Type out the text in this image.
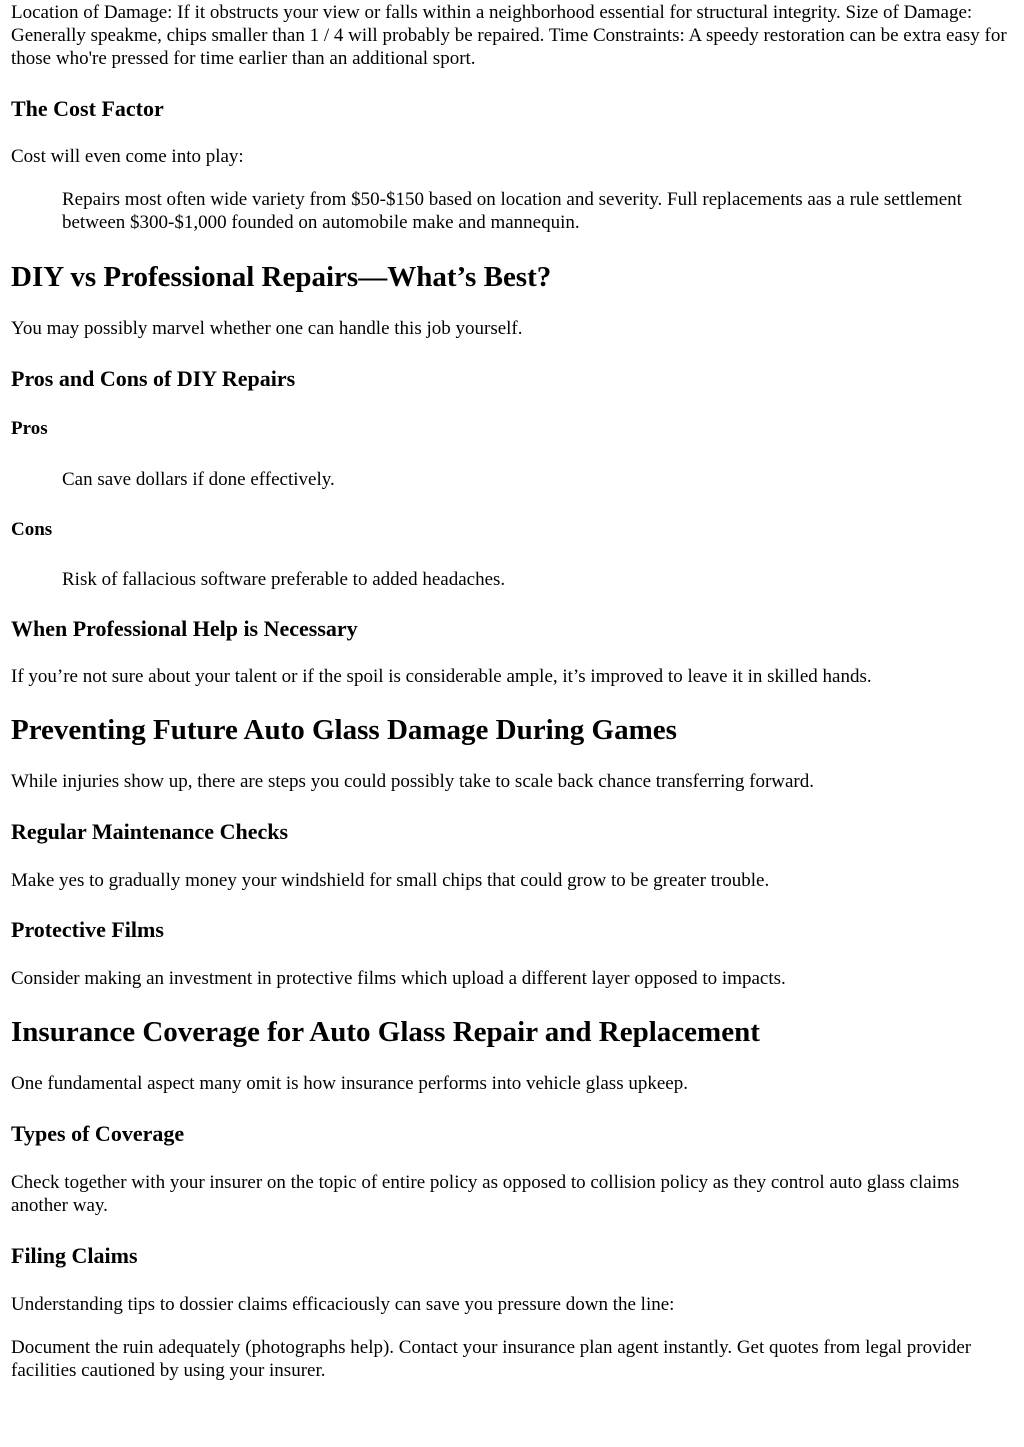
Location of Damage: If it obstructs your view or falls within a neighborhood essential for structural integrity. Size of Damage: Generally speakme, chips smaller than 1 / 4 will probably be repaired. Time Constraints: A speedy restoration can be extra easy for those who're pressed for time earlier than an additional sport.

The Cost Factor

Cost will even come into play:

Repairs most often wide variety from $50-$150 based on location and severity. Full replacements aas a rule settlement between $300-$1,000 founded on automobile make and mannequin.

DIY vs Professional Repairs—What’s Best?

You may possibly marvel whether one can handle this job yourself.

Pros and Cons of DIY Repairs
Pros

Can save dollars if done effectively.

Cons

Risk of fallacious software preferable to added headaches.

When Professional Help is Necessary

If you’re not sure about your talent or if the spoil is considerable ample, it’s improved to leave it in skilled hands.

Preventing Future Auto Glass Damage During Games

While injuries show up, there are steps you could possibly take to scale back chance transferring forward.

Regular Maintenance Checks

Make yes to gradually money your windshield for small chips that could grow to be greater trouble.

Protective Films

Consider making an investment in protective films which upload a different layer opposed to impacts.

Insurance Coverage for Auto Glass Repair and Replacement

One fundamental aspect many omit is how insurance performs into vehicle glass upkeep.

Types of Coverage

Check together with your insurer on the topic of entire policy as opposed to collision policy as they control auto glass claims another way.

Filing Claims

Understanding tips to dossier claims efficaciously can save you pressure down the line:

Document the ruin adequately (photographs help). Contact your insurance plan agent instantly. Get quotes from legal provider facilities cautioned by using your insurer.
